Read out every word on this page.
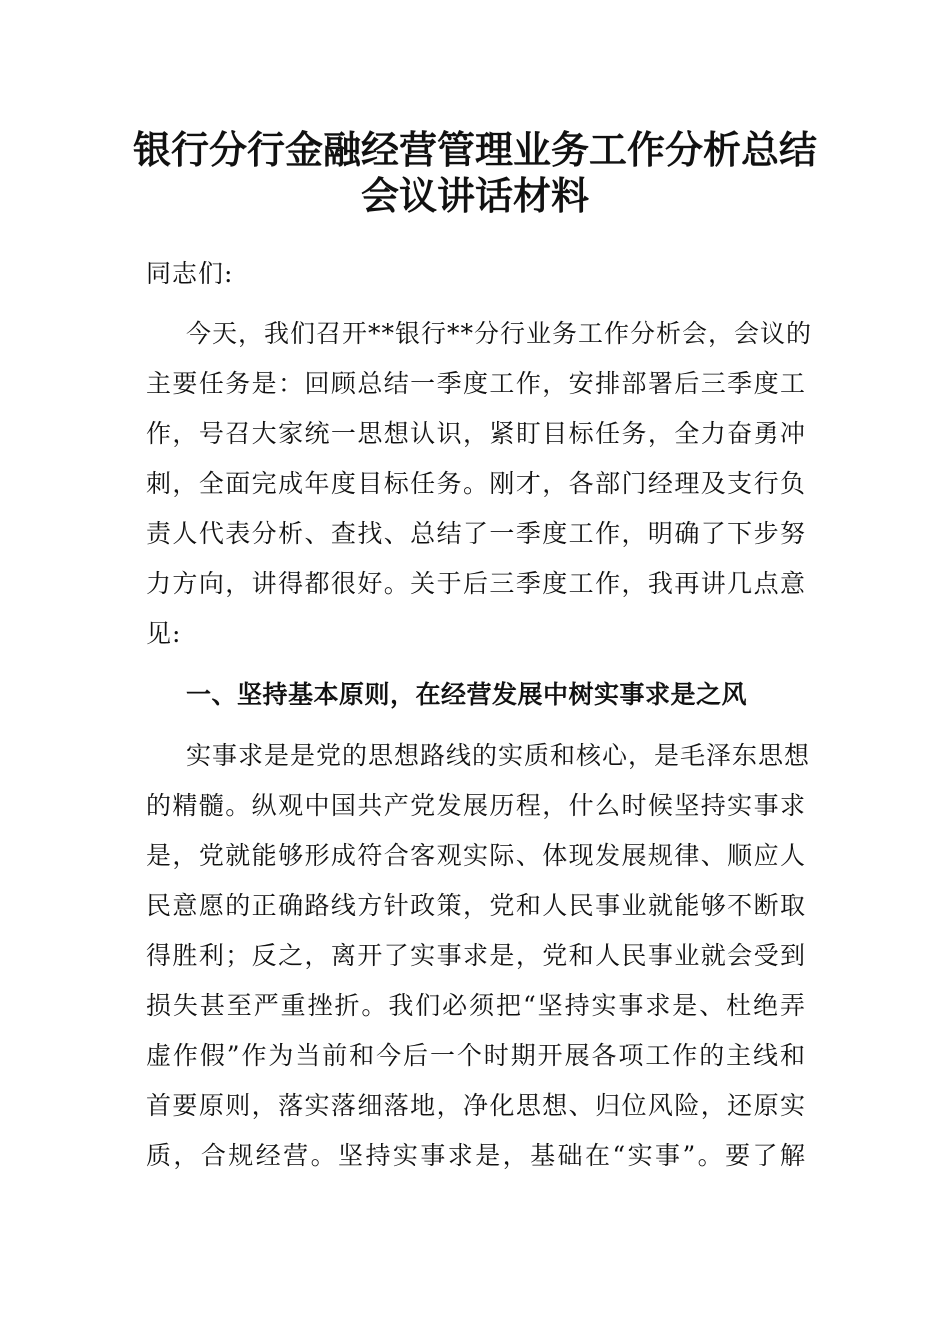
银行分行金融经营管理业务工作分析总结
会议讲话材料

同志们:

今天，我们召开**银行**分行业务工作分析会，会议的

主要任务是：回顾总结一季度工作，安排部署后三季度工

作，号召大家统一思想认识，紧盯目标任务，全力奋勇冲

刺，全面完成年度目标任务。刚才，各部门经理及支行负

责人代表分析、查找、总结了一季度工作，明确了下步努

力方向，讲得都很好。关于后三季度工作，我再讲几点意

见:

一、坚持基本原则，在经营发展中树实事求是之风

实事求是是党的思想路线的实质和核心，是毛泽东思想

的精髓。纵观中国共产党发展历程，什么时候坚持实事求

是，党就能够形成符合客观实际、体现发展规律、顺应人

民意愿的正确路线方针政策，党和人民事业就能够不断取

得胜利；反之，离开了实事求是，党和人民事业就会受到

损失甚至严重挫折。我们必须把“坚持实事求是、杜绝弄

虚作假”作为当前和今后一个时期开展各项工作的主线和

首要原则，落实落细落地，净化思想、归位风险，还原实

质，合规经营。坚持实事求是，基础在“实事”。要了解
